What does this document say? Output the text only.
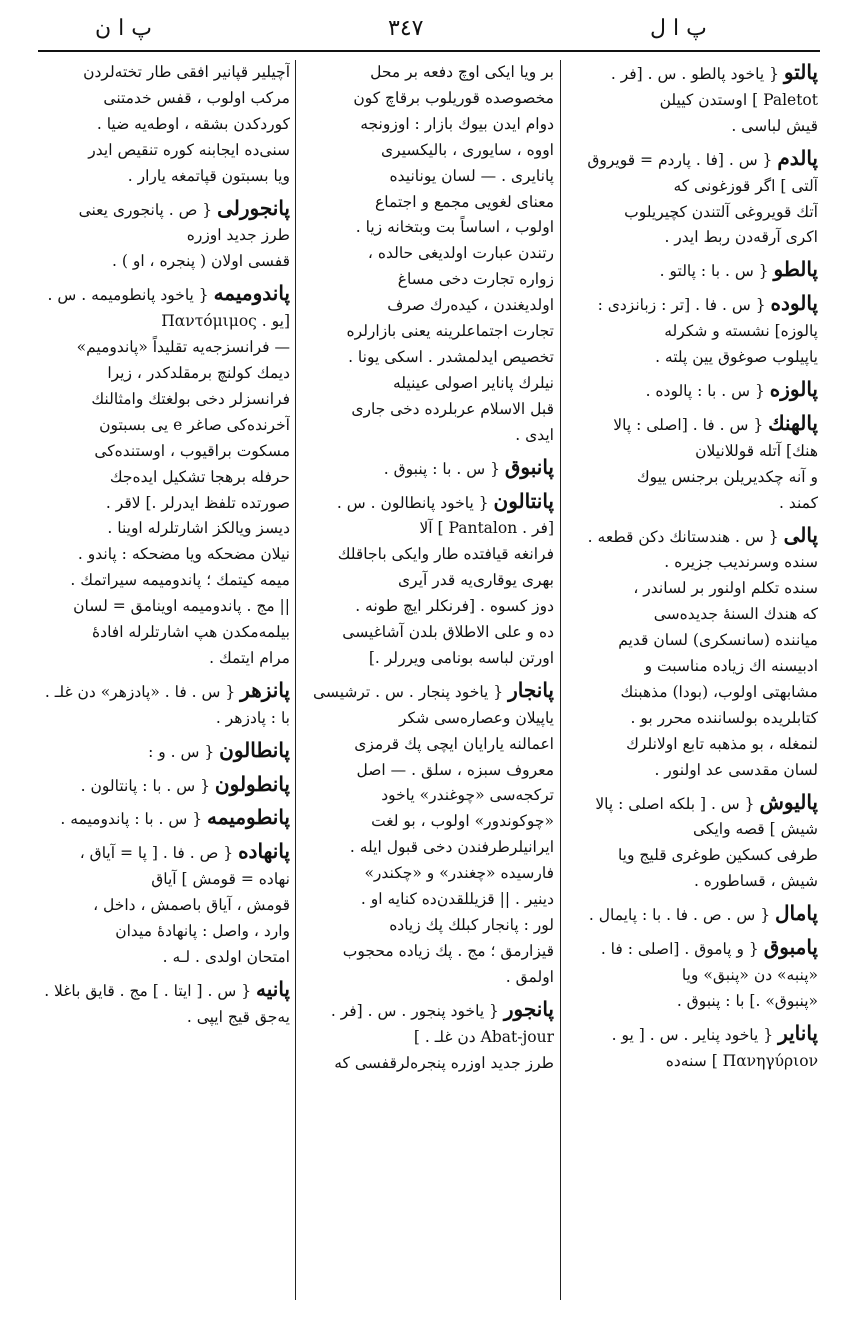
پ ا ن	٣٤٧	پ ا ل
پالتو { یاخود پالطو . س . [فر .
Paletot ] اوستدن کییلن
قیش لباسی .
پالدم { س . [فا . پاردم = قویروق
آلتی ] اگر قوزغونی که
آتك قویروغی آلتندن کچیریلوب
اکری آرقه‌دن ربط ایدر .
پالطو { س . با : پالتو .
پالوده { س . فا . [تر : زبانزدی :
پالوزه] نشسته و شکرله
یاپیلوب صوغوق یین پلته .
پالوزه { س . با : پالوده .
پالهنك { س . فا . [اصلی : پالا
هنك] آتله قوللانیلان
و آنه چکدیریلن برجنس ییوك
کمند .
پالی { س . هندستانك دکن قطعه .
سنده وسرندیب جزیره .
سنده تکلم اولنور بر لساندر ،
که هندك السنهٔ جدیده‌سی
میاننده (سانسکری) لسان قدیم
ادبیسنه اك زیاده مناسبت و
مشابهتی اولوب، (بودا) مذهبنك
کتابلریده بولساننده محرر بو .
لنمغله ، بو مذهبه تابع اولانلرك
لسان مقدسی عد اولنور .
پالیوش { س . [ بلکه اصلی : پالا
شیش ] قصه وایکی
طرفی کسکین طوغری قلیج ویا
شیش ، قساطوره .
پامال { س . ص . فا . با : پایمال .
پامبوق { و پاموق . [اصلی : فا .
«پنبه» دن «پنبق» ویا
«پنبوق» .] با : پنبوق .
پانایر { یاخود پنایر . س . [ یو .
Πανηγύριον ] سنه‌ده
بر ویا ایکی اوچ دفعه بر محل
مخصوصده قوریلوب برقاچ کون
دوام ایدن بیوك بازار : اوزونجه
اووه ، سایوری ، بالیکسیری
پانایری . — لسان یونانیده
معنای لغویی مجمع و اجتماع
اولوب ، اساساً بت وبتخانه زیا .
رتندن عبارت اولدیغی حالده ،
زواره تجارت دخی مساغ
اولدیغندن ، کیده‌رك صرف
تجارت اجتماعلرینه یعنی بازارلره
تخصیص ایدلمشدر . اسکی یونا .
نیلرك پانایر اصولی عینیله
قبل الاسلام عربلرده دخی جاری
ایدی .
پانبوق { س . با : پنبوق .
پانتالون { یاخود پانطالون . س .
[فر . Pantalon ] آلا
فرانغه قیافتده طار وایکی باجاقلك
بهری یوقاری‌یه قدر آیری
دوز کسوه . [فرنکلر ایچ طونه .
ده و علی الاطلاق بلدن آشاغیسی
اورتن لباسه بونامی ویررلر .]
پانجار { یاخود پنجار . س . ترشیسی
یاپیلان وعصاره‌سی شکر
اعمالنه یارایان ایچی پك قرمزی
معروف سبزه ، سلق . — اصل
ترکجه‌سی «چوغندر» یاخود
«چوکوندور» اولوب ، بو لغت
ایرانیلرطرفندن دخی قبول ایله .
فارسیده «چغندر» و «چکندر»
دینیر . || قزیللقدن‌ده کنایه او .
لور : پانجار کبلك پك زیاده
قیزارمق ؛ مج . پك زیاده محجوب
اولمق .
پانجور { یاخود پنجور . س . [فر .
Abat-jour دن غلـ . ]
طرز جدید اوزره پنجره‌لرقفسی که
آچیلیر قپانیر افقی طار تخته‌لردن
مرکب اولوب ، قفس خدمتنی
کوردکدن بشقه ، اوطه‌یه ضیا .
سنی‌ده ایجابنه کوره تنقیص ایدر
ویا بسبتون قپاتمغه یارار .
پانجورلی { ص . پانجوری یعنی
طرز جدید اوزره
قفسی اولان ( پنجره ، او ) .
پاندومیمه { یاخود پانطومیمه . س .
[یو . Παντόμιμος
— فرانسزجه‌یه تقلیداً «پاندومیم»
دیمك کولنچ برمقلدکدر ، زیرا
فرانسزلر دخی بولغتك وامثالنك
آخرنده‌کی صاغر e یی بسبتون
مسکوت براقیوب ، اوستنده‌کی
حرفله برهجا تشکیل ایده‌جك
صورتده تلفظ ایدرلر .] لاقر .
دیسز ویالکز اشارتلرله اوینا .
نیلان مضحکه ویا مضحکه : پاندو .
میمه کیتمك ؛ پاندومیمه سیراتمك .
|| مج . پاندومیمه اوینامق = لسان
بیلمه‌مکدن هپ اشارتلرله افادهٔ
مرام ایتمك .
پانزهر { س . فا . «پادزهر» دن غلـ .
با : پادزهر .
پانطالون { س . و :
پانطولون { س . با : پانتالون .
پانطومیمه { س . با : پاندومیمه .
پانهاده { ص . فا . [ پا = آیاق ،
نهاده = قومش ] آیاق
قومش ، آیاق باصمش ، داخل ،
وارد ، واصل : پانهادهٔ میدان
امتحان اولدی . لـه .
پانیه { س . [ ایتا . ] مج . قایق باغلا .
یه‌جق قیج ایپی .
